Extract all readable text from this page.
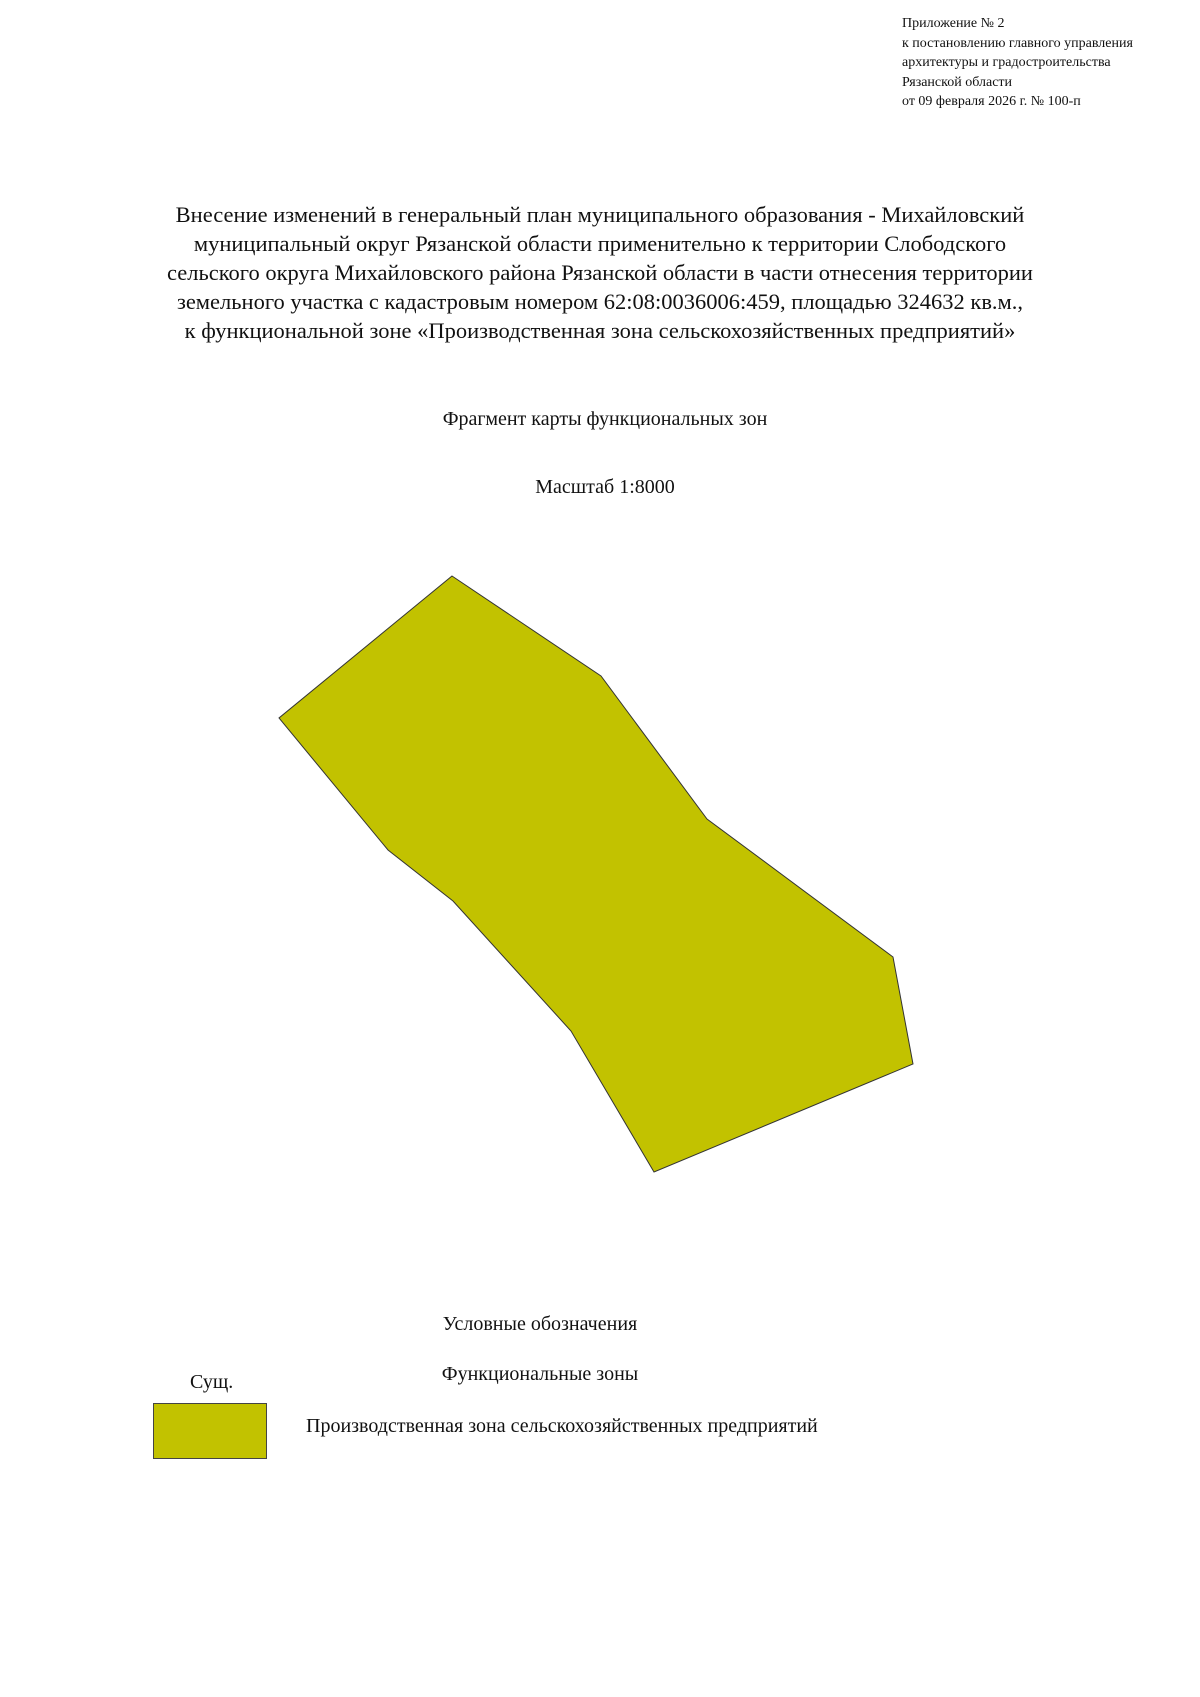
Приложение № 2
к постановлению главного управления
архитектуры и градостроительства
Рязанской области
от 09 февраля 2026 г. № 100-п
Внесение изменений в генеральный план муниципального образования - Михайловский
муниципальный округ Рязанской области применительно к территории Слободского
сельского округа Михайловского района Рязанской области в части отнесения территории
земельного участка с кадастровым номером 62:08:0036006:459, площадью 324632 кв.м.,
к функциональной зоне «Производственная зона сельскохозяйственных предприятий»
Фрагмент карты функциональных зон
Масштаб 1:8000
Условные обозначения
Функциональные зоны
Сущ.
Производственная зона сельскохозяйственных предприятий
